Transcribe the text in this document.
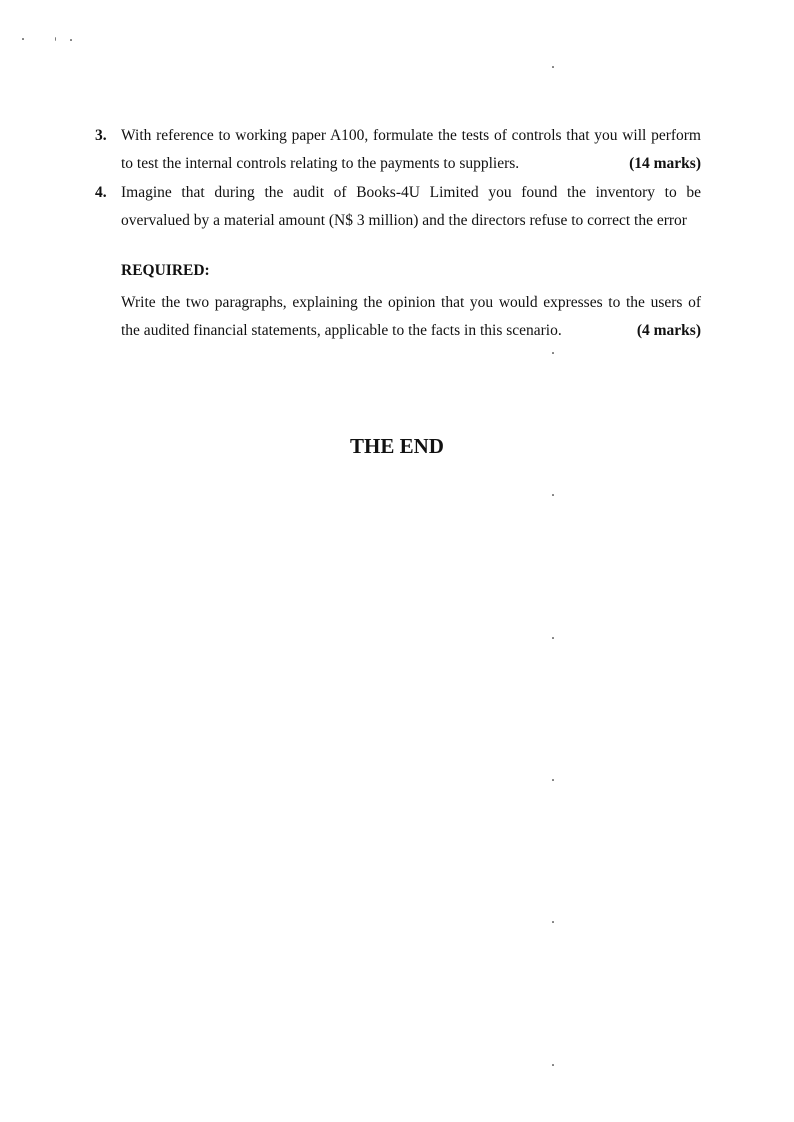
3. With reference to working paper A100, formulate the tests of controls that you will perform
to test the internal controls relating to the payments to suppliers.	(14 marks)
4. Imagine that during the audit of Books-4U Limited you found the inventory to be
overvalued by a material amount (N$ 3 million) and the directors refuse to correct the error
REQUIRED:
Write the two paragraphs, explaining the opinion that you would expresses to the users of
the audited financial statements, applicable to the facts in this scenario.	(4 marks)
THE END
